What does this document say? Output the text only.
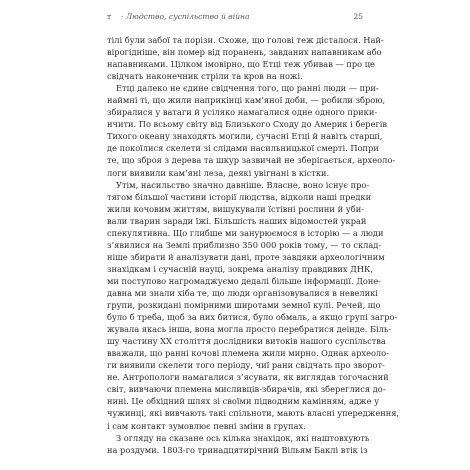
т · Людство, суспільство й війна	25
тілі були забої та порізи. Схоже, що голові теж дісталося. Най-
вірогідніше, він помер від поранень, завданих напавникам або
напавниками. Цілком імовірно, що Етці теж убивав — про це
свідчать наконечник стріли та кров на ножі.
Етці далеко не єдине свідчення того, що ранні люди — при-
наймні ті, що жили наприкінці кам’яної доби, — робили зброю,
збиралися у ватаги й усіляко намагалися одне одного прики-
нчити. По всьому світу від Близького Сходу до Америк і берегів
Тихого океану знаходять могили, сучасні Етці й навіть старші,
де покоїлися скелети зі слідами насильницької смерті. Попри
те, що зброя з дерева та шкур зазвичай не зберігається, археоло-
логи виявили кам’яні леза, деякі увігнані в кістки.
Утім, насильство значно давніше. Власне, воно існує про-
тягом більшої частини історії людства, відколи наші предки
жили кочовим життям, вишукували їстівні рослини й уби-
вали тварин заради їжі. Більшість наших відомостей украй
спекулятивна. Що глибше ми занурюємося в історію — а люди
з’явилися на Землі приблизно 350 000 років тому, — то склад-
ніше збирати й аналізувати дані, проте завдяки археологічним
знахідкам і сучасній науці, зокрема аналізу правдивих ДНК,
ми поступово нагромаджуємо дедалі більше інформації. Доне-
давна ми знали хіба те, що люди організовувалися в невеликі
групи, розкидані помірними широтами земної кулі. Речей, що
було б треба, щоб за них битися, було обмаль, а якщо групі загро-
жувала якась інша, вона могла просто перебратися деінде. Біль-
шу частину ХХ століття дослідники витоків нашого суспільства
вважали, що ранні кочові племена жили мирно. Однак археоло-
ги виявили скелети того періоду, чиї рани свідчать про зворот-
не. Антропологи намагалися з’ясувати, як виглядав тогочасний
світ, вивчаючи племена мисливців-збирачів, які збереглися до-
нині. Це обхідний шлях зі своїми підводним камінням, адже у
чужинці, які вивчають такі спільноти, мають власні упередження,
і сам контакт зумовлює певні зміни в групах.
З огляду на сказане ось кілька знахідок, які наштовхують
на роздуми. 1803-го тринадцятирічний Вільям Баклі втік із
